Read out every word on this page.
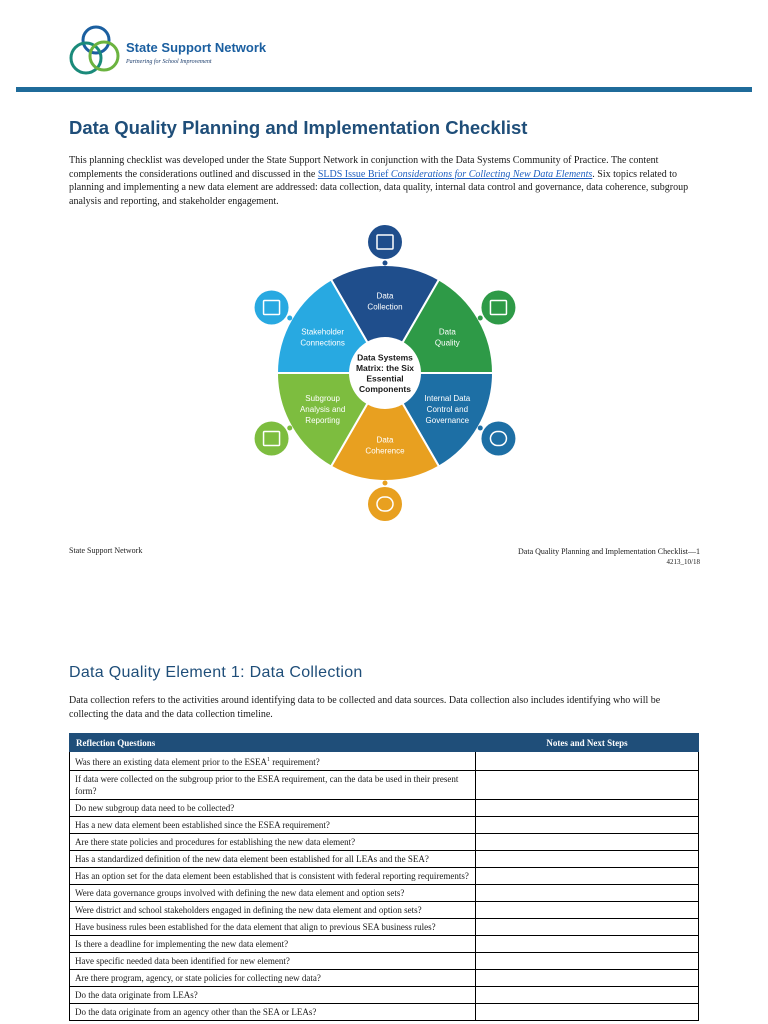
State Support Network
Partnering for School Improvement
Data Quality Planning and Implementation Checklist

This planning checklist was developed under the State Support Network in conjunction with the Data Systems Community of Practice. The content complements the considerations outlined and discussed in the SLDS Issue Brief Considerations for Collecting New Data Elements. Six topics related to planning and implementing a new data element are addressed: data collection, data quality, internal data control and governance, data coherence, subgroup analysis and reporting, and stakeholder engagement.

Data Collection
Data Quality
Internal Data Control and Governance
Data Coherence
Subgroup Analysis and Reporting
Stakeholder Connections
Data Systems Matrix: the Six Essential Components
State Support Network	Data Quality Planning and Implementation Checklist—1
4213_10/18
Data Quality Element 1: Data Collection

Data collection refers to the activities around identifying data to be collected and data sources. Data collection also includes identifying who will be collecting the data and the data collection timeline.

Reflection Questions	Notes and Next Steps
Was there an existing data element prior to the ESEA$^1$ requirement?	
If data were collected on the subgroup prior to the ESEA requirement, can the data be used in their present form?	
Do new subgroup data need to be collected?	
Has a new data element been established since the ESEA requirement?	
Are there state policies and procedures for establishing the new data element?	
Has a standardized definition of the new data element been established for all LEAs and the SEA?	
Has an option set for the data element been established that is consistent with federal reporting requirements?	
Were data governance groups involved with defining the new data element and option sets?	
Were district and school stakeholders engaged in defining the new data element and option sets?	
Have business rules been established for the data element that align to previous SEA business rules?	
Is there a deadline for implementing the new data element?	
Have specific needed data been identified for new element?	
Are there program, agency, or state policies for collecting new data?	
Do the data originate from LEAs?	
Do the data originate from an agency other than the SEA or LEAs?	
